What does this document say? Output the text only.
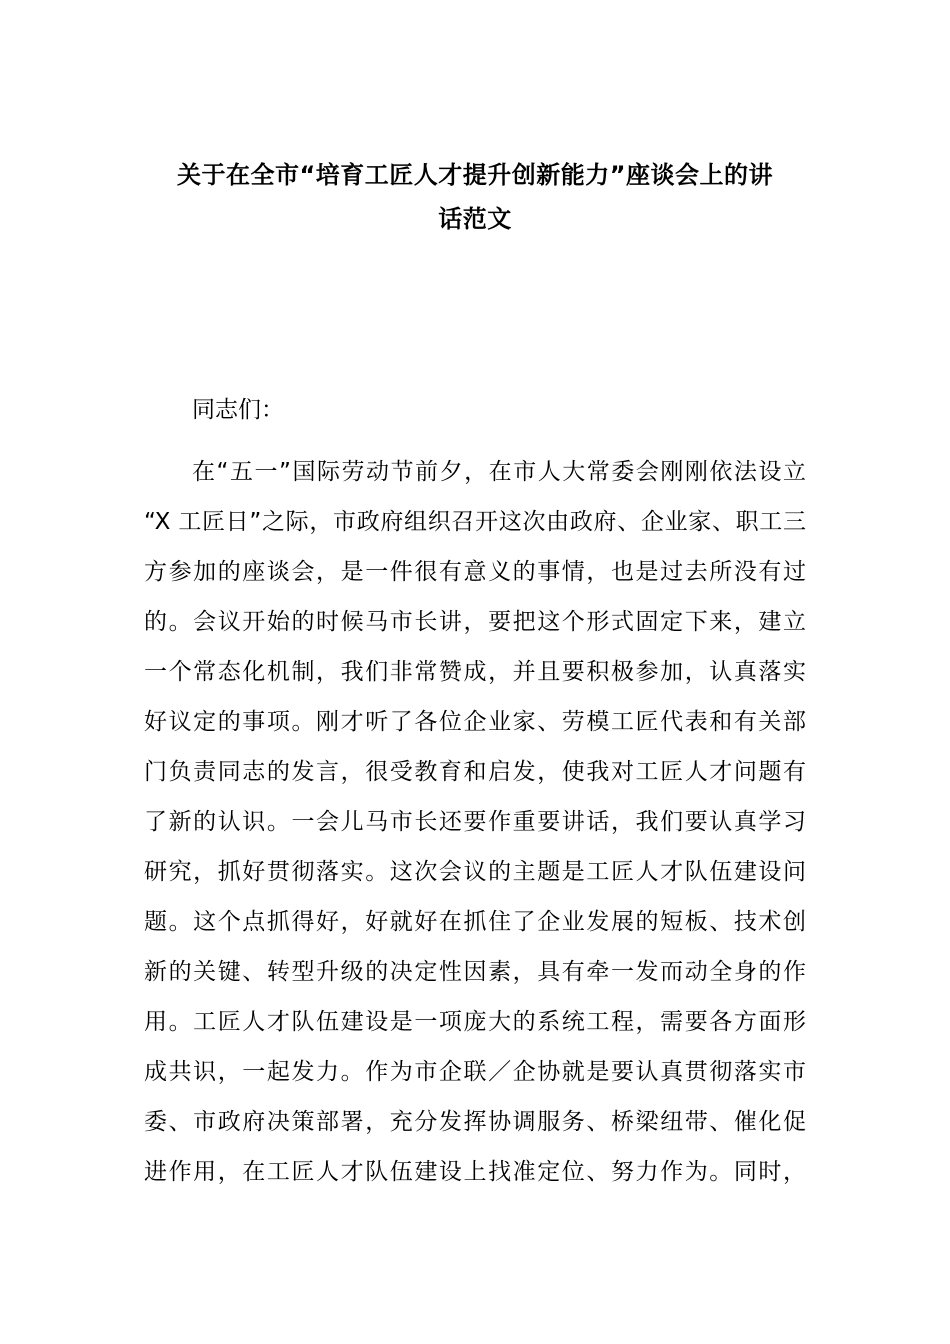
关于在全市“培育工匠人才提升创新能力”座谈会上的讲
话范文
同志们：
在“五一”国际劳动节前夕，在市人大常委会刚刚依法设立
“X 工匠日”之际，市政府组织召开这次由政府、企业家、职工三
方参加的座谈会，是一件很有意义的事情，也是过去所没有过
的。会议开始的时候马市长讲，要把这个形式固定下来，建立
一个常态化机制，我们非常赞成，并且要积极参加，认真落实
好议定的事项。刚才听了各位企业家、劳模工匠代表和有关部
门负责同志的发言，很受教育和启发，使我对工匠人才问题有
了新的认识。一会儿马市长还要作重要讲话，我们要认真学习
研究，抓好贯彻落实。这次会议的主题是工匠人才队伍建设问
题。这个点抓得好，好就好在抓住了企业发展的短板、技术创
新的关键、转型升级的决定性因素，具有牵一发而动全身的作
用。工匠人才队伍建设是一项庞大的系统工程，需要各方面形
成共识，一起发力。作为市企联／企协就是要认真贯彻落实市
委、市政府决策部署，充分发挥协调服务、桥梁纽带、催化促
进作用，在工匠人才队伍建设上找准定位、努力作为。同时，
